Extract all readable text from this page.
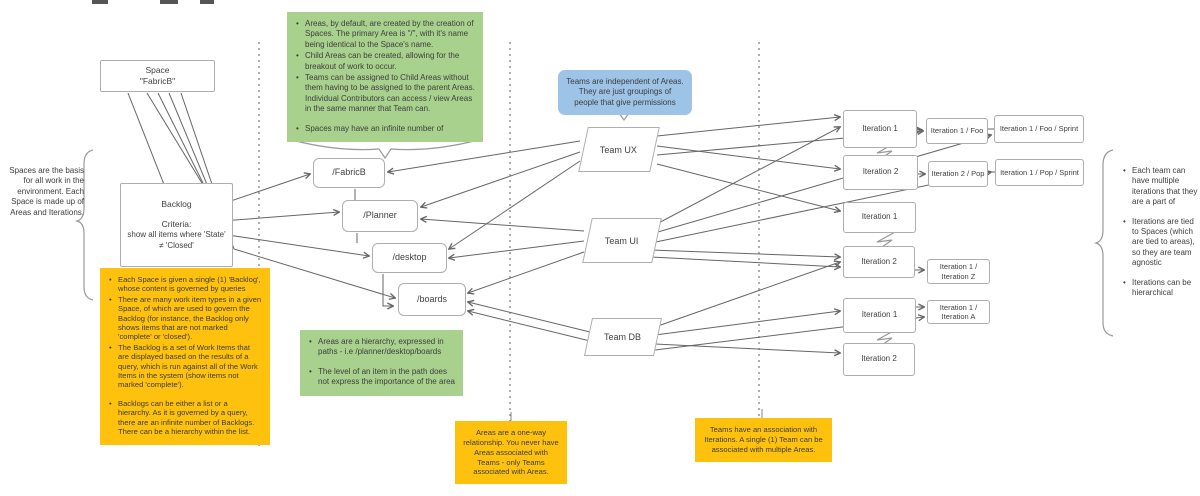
Spaces are the basis for all work in the environment. Each Space is made up of Areas and Iterations.
Space
"FabricB"
Backlog
Criteria:
show all items where 'State'
≠ 'Closed'
• Areas, by default, are created by the creation of Spaces. The primary Area is "/", with it's name being identical to the Space's name.
• Child Areas can be created, allowing for the breakout of work to occur.
• Teams can be assigned to Child Areas without them having to be assigned to the parent Areas. Individual Contributors can access / view Areas in the same manner that Team can.
• Spaces may have an infinite number of
/FabricB
/Planner
/desktop
/boards
• Areas are a hierarchy, expressed in paths - i.e /planner/desktop/boards
• The level of an item in the path does not express the importance of the area
Teams are independent of Areas. They are just groupings of people that give permissions
Team UX
Team UI
Team DB
Iteration 1
Iteration 2
Iteration 1 / Foo
Iteration 2 / Pop
Iteration 1 / Foo / Sprint
Iteration 1 / Pop / Sprint
Iteration 1
Iteration 2
Iteration 1 / Iteration Z
Iteration 1
Iteration 2
Iteration 1 / Iteration A
• Each team can have multiple iterations that they are a part of
• Iterations are tied to Spaces (which are tied to areas), so they are team agnostic
• Iterations can be hierarchical
• Each Space is given a single (1) 'Backlog', whose content is governed by queries
• There are many work item types in a given Space, of which are used to govern the Backlog (for instance, the Backlog only shows items that are not marked 'complete' or 'closed').
• The Backlog is a set of Work Items that are displayed based on the results of a query, which is run against all of the Work Items in the system (show items not marked 'complete').
• Backlogs can be either a list or a hierarchy. As it is governed by a query, there are an infinite number of Backlogs. There can be a hierarchy within the list.	Areas are a one-way relationship. You never have Areas associated with Teams - only Teams associated with Areas.
Teams have an association with Iterations. A single (1) Team can be associated with multiple Areas.
